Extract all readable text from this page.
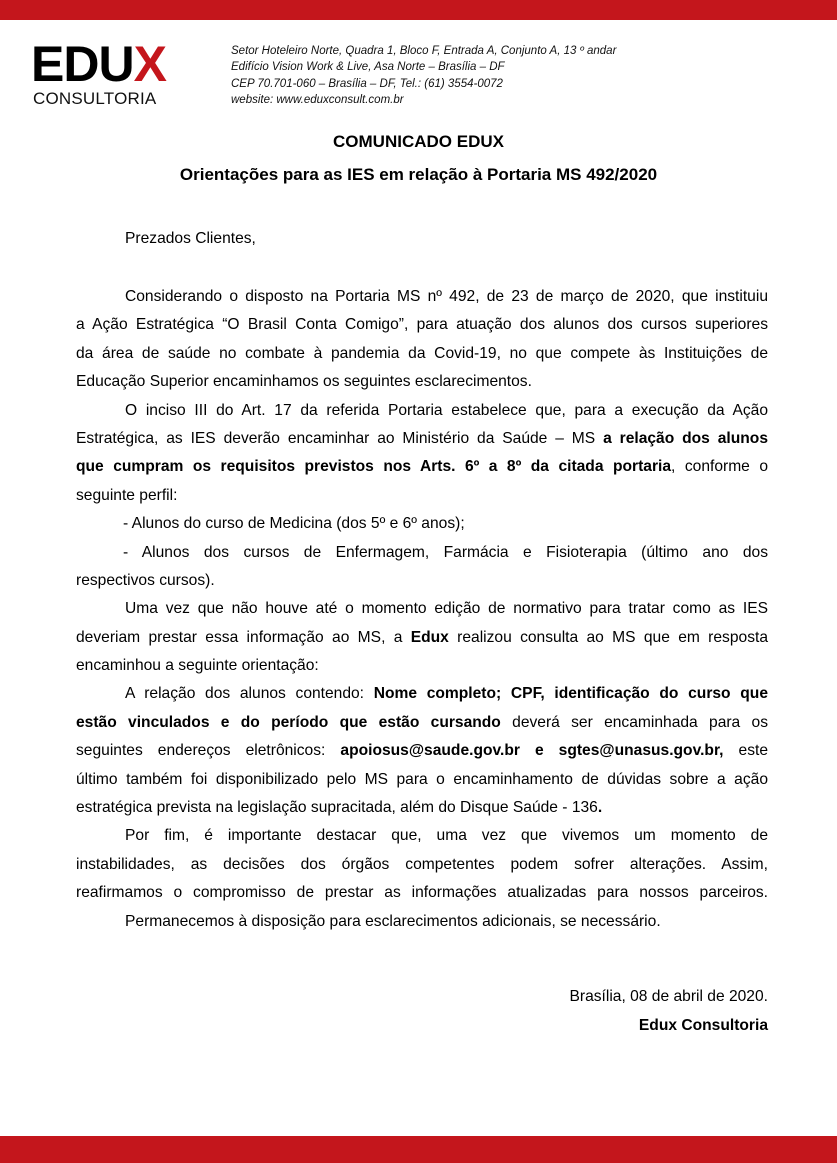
EDUX
CONSULTORIA
Setor Hoteleiro Norte, Quadra 1, Bloco F, Entrada A, Conjunto A, 13 º andar
Edifício Vision Work & Live, Asa Norte – Brasília – DF
CEP 70.701-060 – Brasília – DF, Tel.: (61) 3554-0072
website: www.eduxconsult.com.br
COMUNICADO EDUX
Orientações para as IES em relação à Portaria MS 492/2020
Prezados Clientes,
Considerando o disposto na Portaria MS nº 492, de 23 de março de 2020, que instituiu
a Ação Estratégica “O Brasil Conta Comigo”, para atuação dos alunos dos cursos superiores
da área de saúde no combate à pandemia da Covid-19, no que compete às Instituições de
Educação Superior encaminhamos os seguintes esclarecimentos.
O inciso III do Art. 17 da referida Portaria estabelece que, para a execução da Ação
Estratégica, as IES deverão encaminhar ao Ministério da Saúde – MS a relação dos alunos
que cumpram os requisitos previstos nos Arts. 6º a 8º da citada portaria, conforme o
seguinte perfil:
- Alunos do curso de Medicina (dos 5º e 6º anos);
- Alunos dos cursos de Enfermagem, Farmácia e Fisioterapia (último ano dos
respectivos cursos).
Uma vez que não houve até o momento edição de normativo para tratar como as IES
deveriam prestar essa informação ao MS, a Edux realizou consulta ao MS que em resposta
encaminhou a seguinte orientação:
A relação dos alunos contendo: Nome completo; CPF, identificação do curso que
estão vinculados e do período que estão cursando deverá ser encaminhada para os
seguintes endereços eletrônicos: apoiosus@saude.gov.br e sgtes@unasus.gov.br, este
último também foi disponibilizado pelo MS para o encaminhamento de dúvidas sobre a ação
estratégica prevista na legislação supracitada, além do Disque Saúde - 136.
Por fim, é importante destacar que, uma vez que vivemos um momento de
instabilidades, as decisões dos órgãos competentes podem sofrer alterações. Assim,
reafirmamos o compromisso de prestar as informações atualizadas para nossos parceiros.
Permanecemos à disposição para esclarecimentos adicionais, se necessário.
Brasília, 08 de abril de 2020.
Edux Consultoria
